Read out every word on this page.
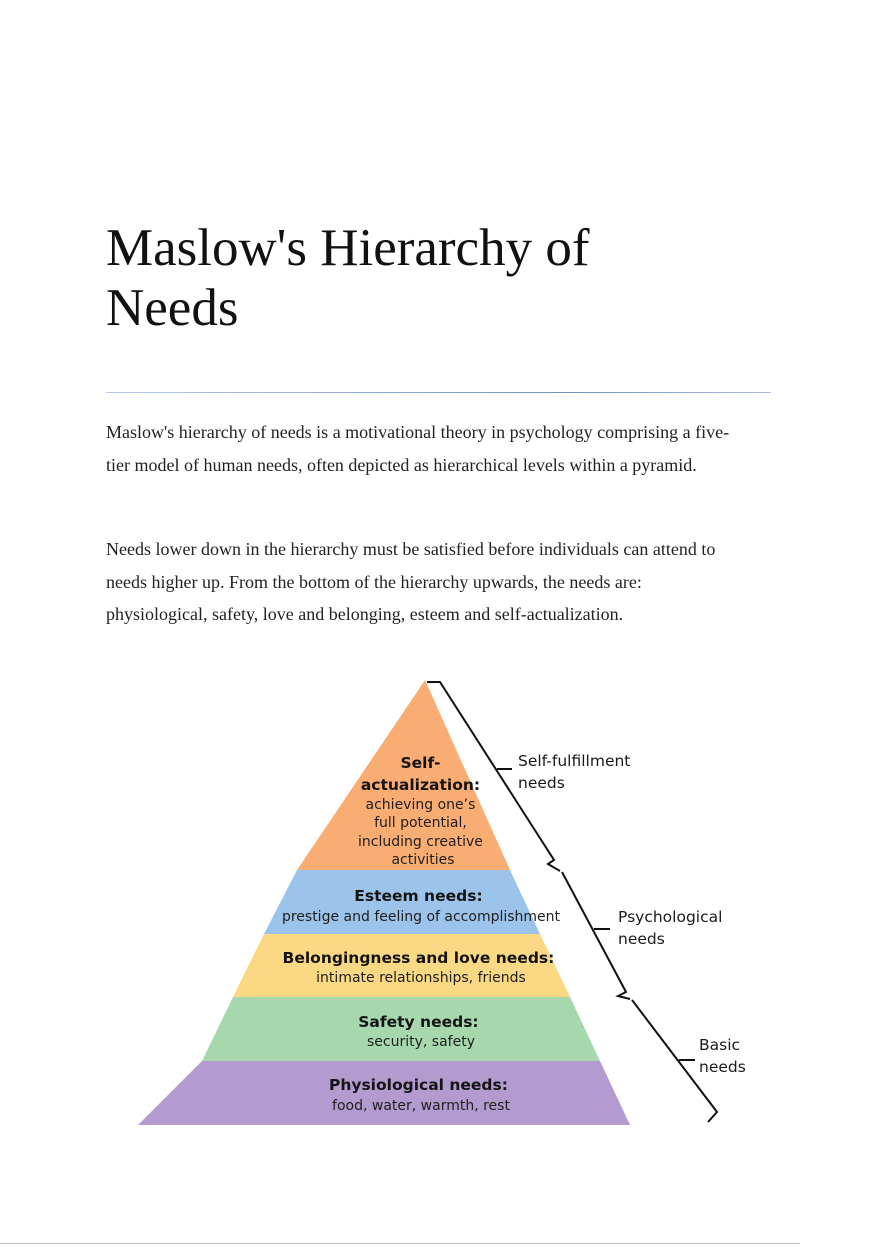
Maslow's Hierarchy of Needs

Maslow's hierarchy of needs is a motivational theory in psychology comprising a five-tier model of human needs, often depicted as hierarchical levels within a pyramid.

Needs lower down in the hierarchy must be satisfied before individuals can attend to needs higher up. From the bottom of the hierarchy upwards, the needs are: physiological, safety, love and belonging, esteem and self-actualization.

Self- actualization: achieving one’s full potential, including creative activities
Esteem needs: prestige and feeling of accomplishment
Belongingness and love needs: intimate relationships, friends
Safety needs: security, safety
Physiological needs: food, water, warmth, rest
Self-fulfillment needs
Psychological needs
Basic needs
